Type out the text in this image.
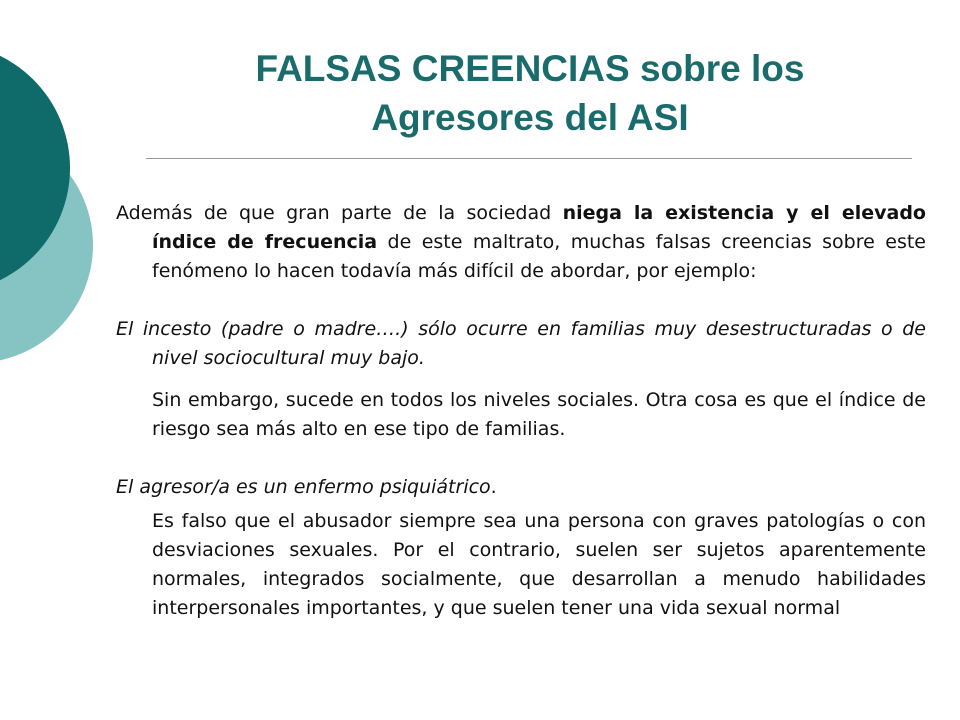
FALSAS CREENCIAS sobre los
Agresores del ASI

Además de que gran parte de la sociedad niega la existencia y el elevado índice de frecuencia de este maltrato, muchas falsas creencias sobre este fenómeno lo hacen todavía más difícil de abordar, por ejemplo:

El incesto (padre o madre….) sólo ocurre en familias muy desestructuradas o de nivel sociocultural muy bajo.

Sin embargo, sucede en todos los niveles sociales. Otra cosa es que el índice de riesgo sea más alto en ese tipo de familias.

El agresor/a es un enfermo psiquiátrico.

Es falso que el abusador siempre sea una persona con graves patologías o con desviaciones sexuales. Por el contrario, suelen ser sujetos aparentemente normales, integrados socialmente, que desarrollan a menudo habilidades interpersonales importantes, y que suelen tener una vida sexual normal
